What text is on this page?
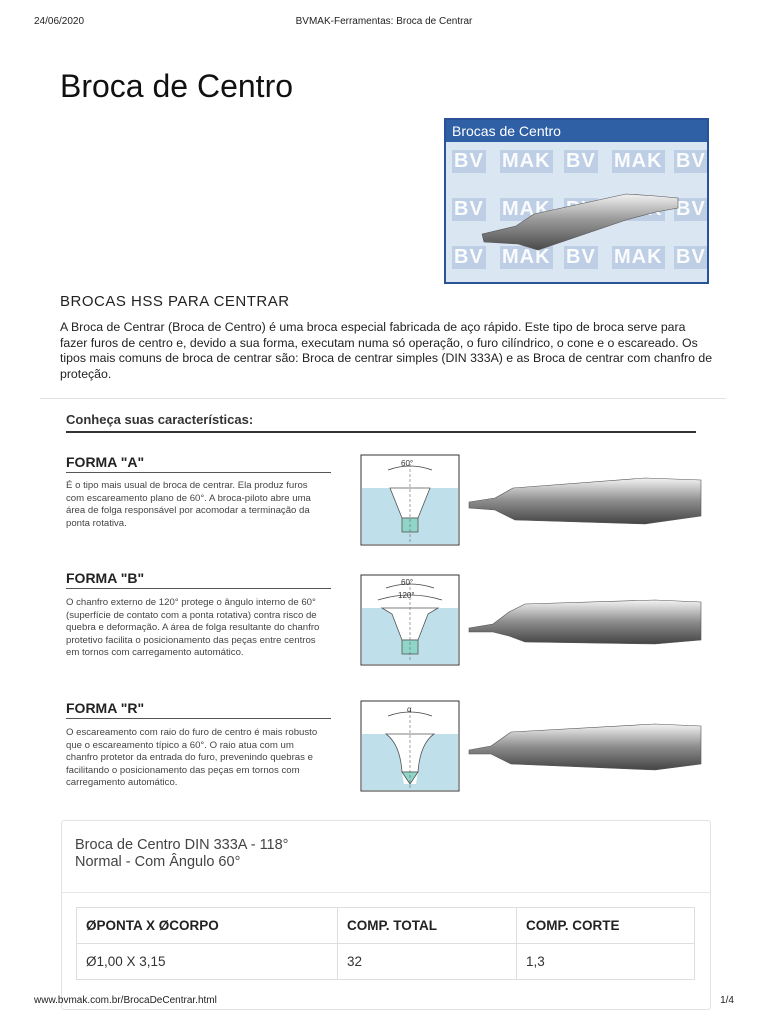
24/06/2020	BVMAK-Ferramentas: Broca de Centrar
Broca de Centro
Brocas de Centro
BV MAK BV MAK BV
BV MAK	BV
BV MAK BV MAK BV
BROCAS HSS PARA CENTRAR

A Broca de Centrar (Broca de Centro) é uma broca especial fabricada de aço rápido. Este tipo de broca serve para fazer furos de centro e, devido a sua forma, executam numa só operação, o furo cilíndrico, o cone e o escareado. Os tipos mais comuns de broca de centrar são: Broca de centrar simples (DIN 333A) e as Broca de centrar com chanfro de proteção.

Conheça suas características:
FORMA "A"

É o tipo mais usual de broca de centrar. Ela produz furos com escareamento plano de 60°. A broca-piloto abre uma área de folga responsável por acomodar a terminação da ponta rotativa.

60°
FORMA "B"

O chanfro externo de 120° protege o ângulo interno de 60° (superfície de contato com a ponta rotativa) contra risco de quebra e deformação. A área de folga resultante do chanfro protetivo facilita o posicionamento das peças entre centros em tornos com carregamento automático.

60°
120°
FORMA "R"

O escareamento com raio do furo de centro é mais robusto que o escareamento típico a 60°. O raio atua com um chanfro protetor da entrada do furo, prevenindo quebras e facilitando o posicionamento das peças em tornos com carregamento automático.

α
Broca de Centro DIN 333A - 118°
Normal - Com Ângulo 60°
ØPONTA X ØCORPO	COMP. TOTAL	COMP. CORTE
Ø1,00 X 3,15	32	1,3
www.bvmak.com.br/BrocaDeCentrar.html	1/4
